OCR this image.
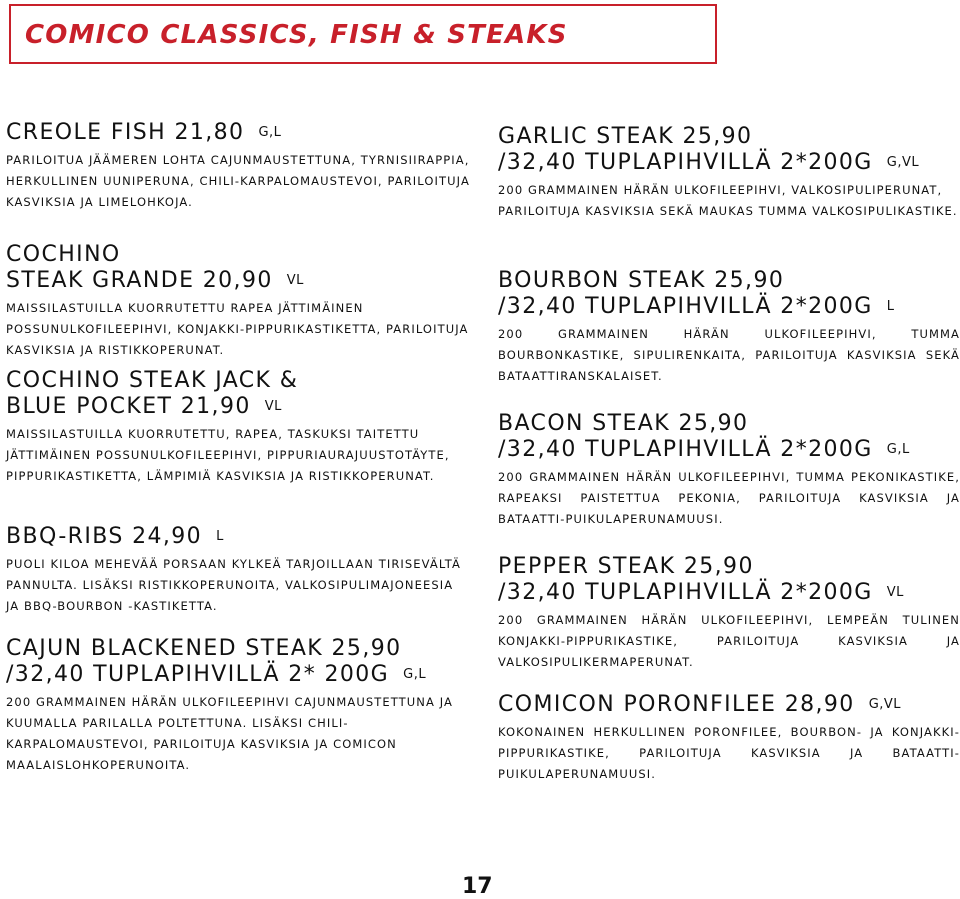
COMICO CLASSICS, FISH & STEAKS
CREOLE FISH 21,80 G,L

PARILOITUA JÄÄMEREN LOHTA CAJUNMAUSTETTUNA, TYRNISIIRAPPIA, HERKULLINEN UUNIPERUNA, CHILI-KARPALOMAUSTEVOI, PARILOITUJA KASVIKSIA JA LIMELOHKOJA.

COCHINO
STEAK GRANDE 20,90 VL

MAISSILASTUILLA KUORRUTETTU RAPEA JÄTTIMÄINEN POSSUNULKOFILEEPIHVI, KONJAKKI-PIPPURIKASTIKETTA, PARILOITUJA KASVIKSIA JA RISTIKKOPERUNAT.

COCHINO STEAK JACK &
BLUE POCKET 21,90 VL

MAISSILASTUILLA KUORRUTETTU, RAPEA, TASKUKSI TAITETTU JÄTTIMÄINEN POSSUNULKOFILEEPIHVI, PIPPURIAURAJUUSTOTÄYTE, PIPPURIKASTIKETTA, LÄMPIMIÄ KASVIKSIA JA RISTIKKOPERUNAT.

BBQ-RIBS 24,90 L

PUOLI KILOA MEHEVÄÄ PORSAAN KYLKEÄ TARJOILLAAN TIRISEVÄLTÄ PANNULTA. LISÄKSI RISTIKKOPERUNOITA, VALKOSIPULIMAJONEESIA JA BBQ-BOURBON -KASTIKETTA.

CAJUN BLACKENED STEAK 25,90
/32,40 TUPLAPIHVILLÄ 2* 200G G,L

200 GRAMMAINEN HÄRÄN ULKOFILEEPIHVI CAJUNMAUSTETTUNA JA KUUMALLA PARILALLA POLTETTUNA. LISÄKSI CHILI-KARPALOMAUSTEVOI, PARILOITUJA KASVIKSIA JA COMICON MAALAISLOHKOPERUNOITA.

GARLIC STEAK 25,90
/32,40 TUPLAPIHVILLÄ 2*200G G,VL

200 GRAMMAINEN HÄRÄN ULKOFILEEPIHVI, VALKOSIPULIPERUNAT, PARILOITUJA KASVIKSIA SEKÄ MAUKAS TUMMA VALKOSIPULIKASTIKE.

BOURBON STEAK 25,90
/32,40 TUPLAPIHVILLÄ 2*200G L

200 GRAMMAINEN HÄRÄN ULKOFILEEPIHVI, TUMMA BOURBONKASTIKE, SIPULIRENKAITA, PARILOITUJA KASVIKSIA SEKÄ BATAATTIRANSKALAISET.

BACON STEAK 25,90
/32,40 TUPLAPIHVILLÄ 2*200G G,L

200 GRAMMAINEN HÄRÄN ULKOFILEEPIHVI, TUMMA PEKONIKASTIKE, RAPEAKSI PAISTETTUA PEKONIA, PARILOITUJA KASVIKSIA JA BATAATTI-PUIKULAPERUNAMUUSI.

PEPPER STEAK 25,90
/32,40 TUPLAPIHVILLÄ 2*200G VL

200 GRAMMAINEN HÄRÄN ULKOFILEEPIHVI, LEMPEÄN TULINEN KONJAKKI-PIPPURIKASTIKE, PARILOITUJA KASVIKSIA JA VALKOSIPULIKERMAPERUNAT.

COMICON PORONFILEE 28,90 G,VL

KOKONAINEN HERKULLINEN PORONFILEE, BOURBON- JA KONJAKKI-PIPPURIKASTIKE, PARILOITUJA KASVIKSIA JA BATAATTI-PUIKULAPERUNAMUUSI.

17
